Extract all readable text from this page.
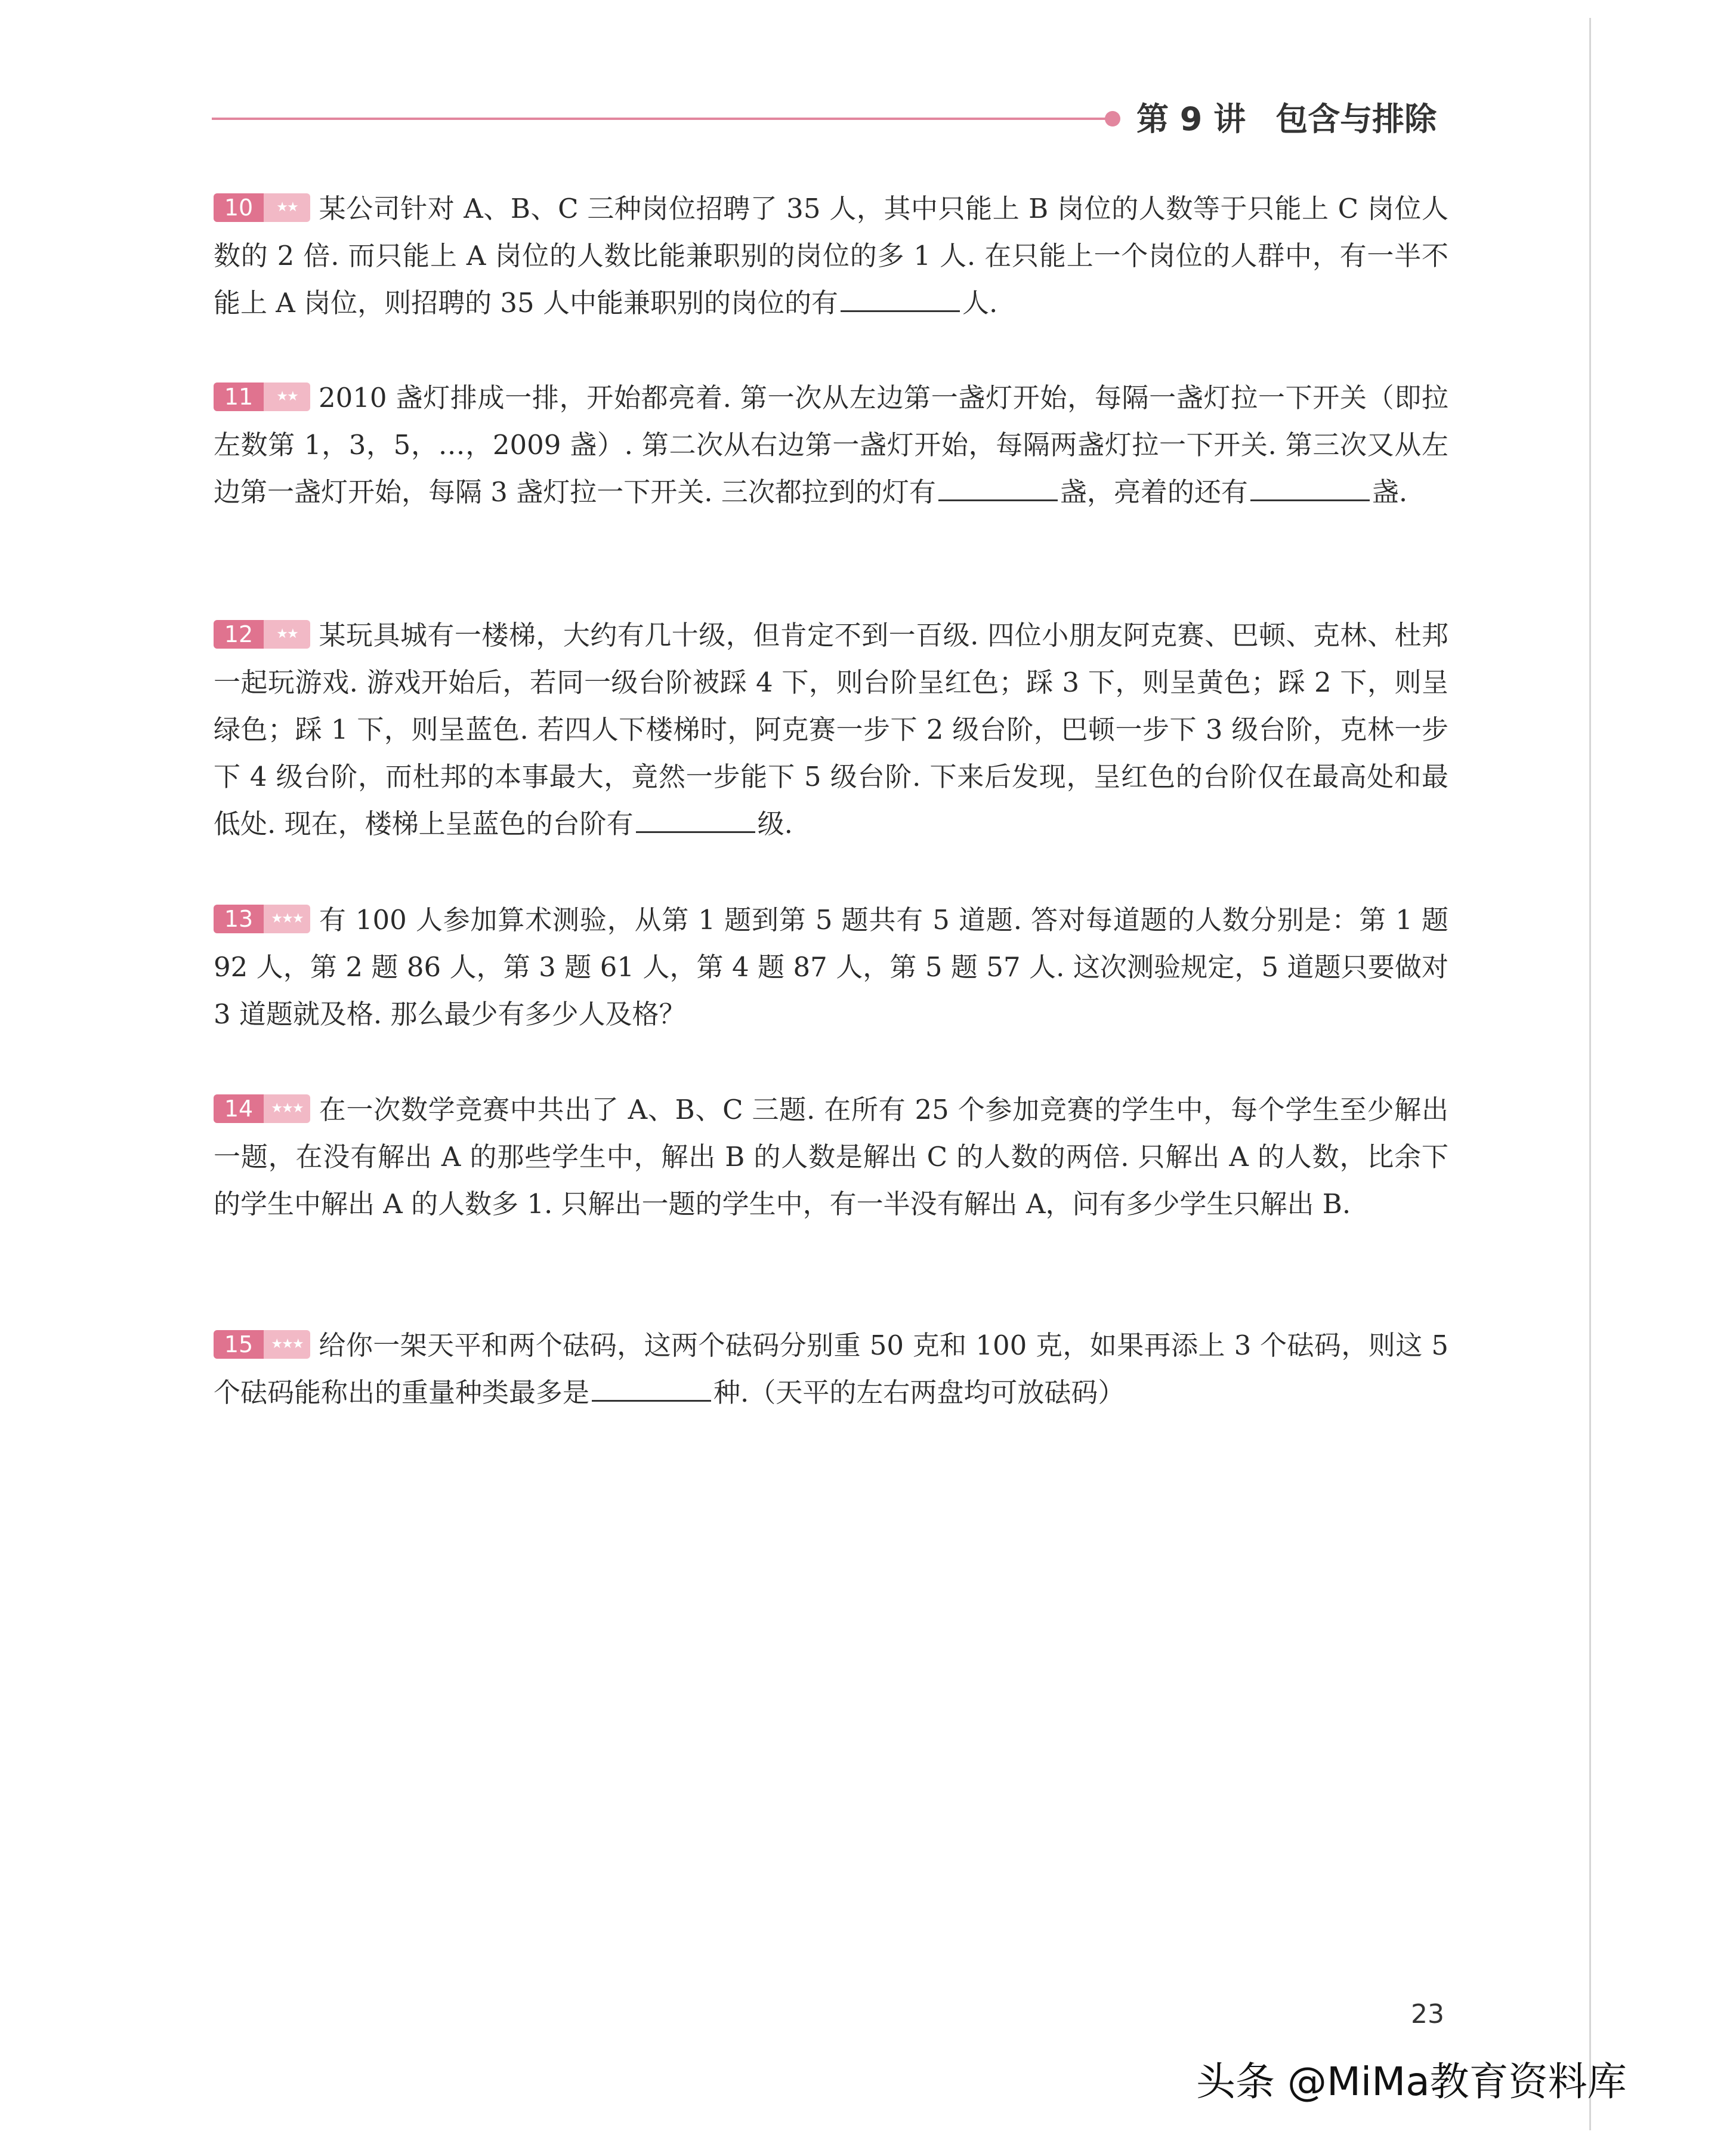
第 9 讲 包含与排除
10 ★★ 某公司针对 A、B、C 三种岗位招聘了 35 人，其中只能上 B 岗位的人数等于只能上 C 岗位人数的 2 倍. 而只能上 A 岗位的人数比能兼职别的岗位的多 1 人. 在只能上一个岗位的人群中，有一半不能上 A 岗位，则招聘的 35 人中能兼职别的岗位的有	人.
11 ★★ 2010 盏灯排成一排，开始都亮着. 第一次从左边第一盏灯开始，每隔一盏灯拉一下开关（即拉左数第 1，3，5，…，2009 盏）. 第二次从右边第一盏灯开始，每隔两盏灯拉一下开关. 第三次又从左边第一盏灯开始，每隔 3 盏灯拉一下开关. 三次都拉到的灯有	盏，亮着的还有	盏.
12 ★★ 某玩具城有一楼梯，大约有几十级，但肯定不到一百级. 四位小朋友阿克赛、巴顿、克林、杜邦一起玩游戏. 游戏开始后，若同一级台阶被踩 4 下，则台阶呈红色；踩 3 下，则呈黄色；踩 2 下，则呈绿色；踩 1 下，则呈蓝色. 若四人下楼梯时，阿克赛一步下 2 级台阶，巴顿一步下 3 级台阶，克林一步下 4 级台阶，而杜邦的本事最大，竟然一步能下 5 级台阶. 下来后发现，呈红色的台阶仅在最高处和最低处. 现在，楼梯上呈蓝色的台阶有	级.
13 ★★★ 有 100 人参加算术测验，从第 1 题到第 5 题共有 5 道题. 答对每道题的人数分别是：第 1 题 92 人，第 2 题 86 人，第 3 题 61 人，第 4 题 87 人，第 5 题 57 人. 这次测验规定，5 道题只要做对 3 道题就及格. 那么最少有多少人及格？
14 ★★★ 在一次数学竞赛中共出了 A、B、C 三题. 在所有 25 个参加竞赛的学生中，每个学生至少解出一题，在没有解出 A 的那些学生中，解出 B 的人数是解出 C 的人数的两倍. 只解出 A 的人数，比余下的学生中解出 A 的人数多 1. 只解出一题的学生中，有一半没有解出 A，问有多少学生只解出 B.
15 ★★★ 给你一架天平和两个砝码，这两个砝码分别重 50 克和 100 克，如果再添上 3 个砝码，则这 5 个砝码能称出的重量种类最多是	种.（天平的左右两盘均可放砝码）
23
头条 @MiMa教育资料库
